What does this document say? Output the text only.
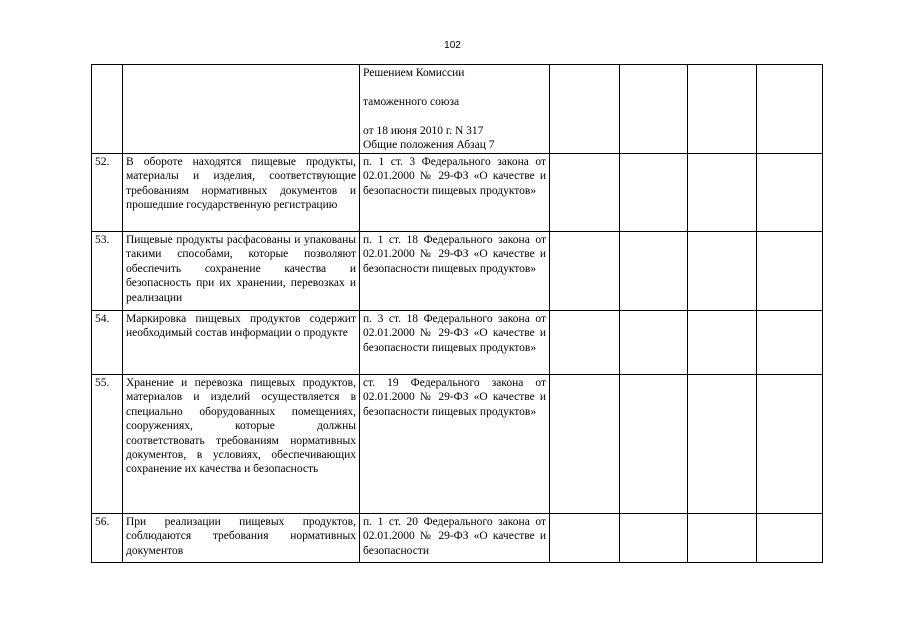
102

		Решением Комиссии
таможенного союза
от 18 июня 2010 г. N 317
Общие положения Абзац 7				

52.	В обороте находятся пищевые продукты, материалы и изделия, соответствующие требованиям нормативных документов и прошедшие государственную регистрацию	п. 1 ст. 3 Федерального закона от 02.01.2000 № 29-ФЗ «О качестве и безопасности пищевых продуктов»				
53.	Пищевые продукты расфасованы и упакованы такими способами, которые позволяют обеспечить сохранение качества и безопасность при их хранении, перевозках и реализации	п. 1 ст. 18 Федерального закона от 02.01.2000 № 29-ФЗ «О качестве и безопасности пищевых продуктов»				
54.	Маркировка пищевых продуктов содержит необходимый состав информации о продукте	п. 3 ст. 18 Федерального закона от 02.01.2000 № 29-ФЗ «О качестве и безопасности пищевых продуктов»				
55.	Хранение и перевозка пищевых продуктов, материалов и изделий осуществляется в специально оборудованных помещениях, сооружениях, которые должны соответствовать требованиям нормативных документов, в условиях, обеспечивающих сохранение их качества и безопасность	ст. 19 Федерального закона от 02.01.2000 № 29-ФЗ «О качестве и безопасности пищевых продуктов»				
56.	При реализации пищевых продуктов, соблюдаются требования нормативных документов	п. 1 ст. 20 Федерального закона от 02.01.2000 № 29-ФЗ «О качестве и безопасности				
